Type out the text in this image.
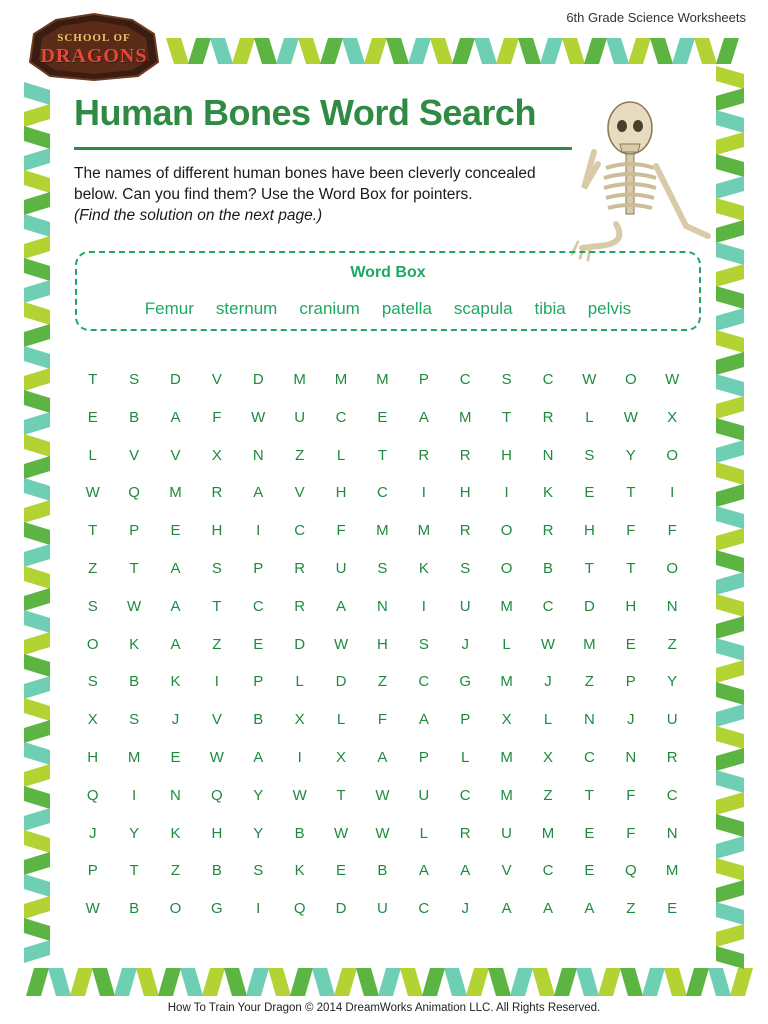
6th Grade Science Worksheets
SCHOOL OF
DRAGONS
Human Bones Word Search
The names of different human bones have been cleverly concealed below. Can you find them? Use the Word Box for pointers.
(Find the solution on the next page.)
Word Box
Femur sternum cranium patella scapula tibia pelvis
T	S	D	V	D	M	M	M	P	C	S	C	W	O	W
E	B	A	F	W	U	C	E	A	M	T	R	L	W	X
L	V	V	X	N	Z	L	T	R	R	H	N	S	Y	O
W	Q	M	R	A	V	H	C	I	H	I	K	E	T	I
T	P	E	H	I	C	F	M	M	R	O	R	H	F	F
Z	T	A	S	P	R	U	S	K	S	O	B	T	T	O
S	W	A	T	C	R	A	N	I	U	M	C	D	H	N
O	K	A	Z	E	D	W	H	S	J	L	W	M	E	Z
S	B	K	I	P	L	D	Z	C	G	M	J	Z	P	Y
X	S	J	V	B	X	L	F	A	P	X	L	N	J	U
H	M	E	W	A	I	X	A	P	L	M	X	C	N	R
Q	I	N	Q	Y	W	T	W	U	C	M	Z	T	F	C
J	Y	K	H	Y	B	W	W	L	R	U	M	E	F	N
P	T	Z	B	S	K	E	B	A	A	V	C	E	Q	M
W	B	O	G	I	Q	D	U	C	J	A	A	A	Z	E
How To Train Your Dragon © 2014 DreamWorks Animation LLC. All Rights Reserved.
